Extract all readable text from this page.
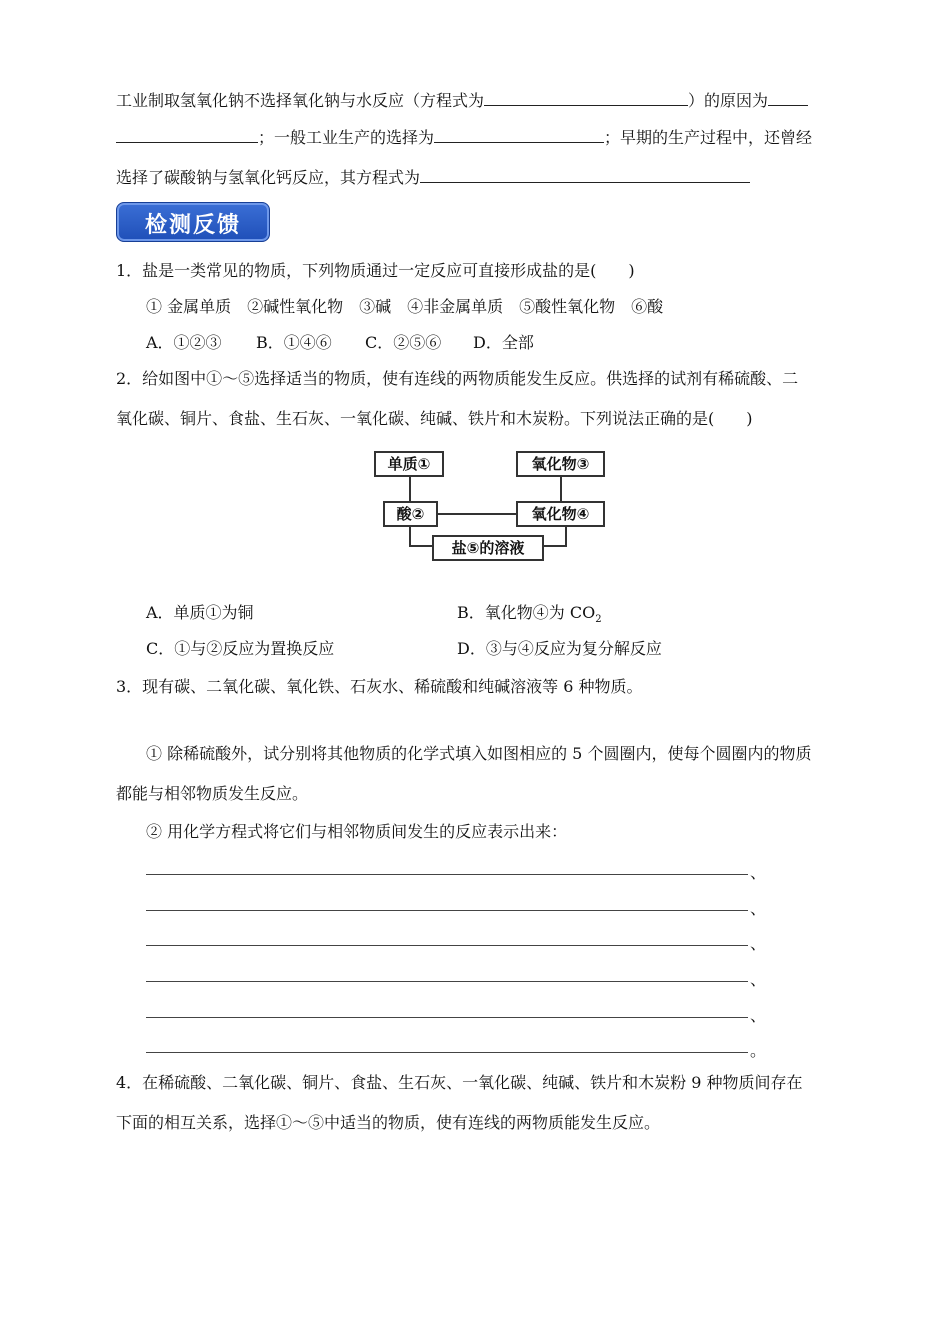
工业制取氢氧化钠不选择氧化钠与水反应（方程式为	）的原因为
；一般工业生产的选择为	；早期的生产过程中，还曾经
选择了碳酸钠与氢氧化钙反应，其方程式为
检测反馈
1．盐是一类常见的物质，下列物质通过一定反应可直接形成盐的是(　　)
① 金属单质　②碱性氧化物　③碱　④非金属单质　⑤酸性氧化物　⑥酸
A．①②③ B．①④⑥ C．②⑤⑥ D．全部
2．给如图中①～⑤选择适当的物质，使有连线的两物质能发生反应。供选择的试剂有稀硫酸、二
氧化碳、铜片、食盐、生石灰、一氧化碳、纯碱、铁片和木炭粉。下列说法正确的是(　　)
单质①	氧化物③
酸②	氧化物④
盐⑤的溶液
A．单质①为铜	B．氧化物④为 $CO_2$
C．①与②反应为置换反应	D．③与④反应为复分解反应
3．现有碳、二氧化碳、氧化铁、石灰水、稀硫酸和纯碱溶液等 6 种物质。
① 除稀硫酸外，试分别将其他物质的化学式填入如图相应的 5 个圆圈内，使每个圆圈内的物质
都能与相邻物质发生反应。
② 用化学方程式将它们与相邻物质间发生的反应表示出来：
、
、
、
、
、
。
4．在稀硫酸、二氧化碳、铜片、食盐、生石灰、一氧化碳、纯碱、铁片和木炭粉 9 种物质间存在
下面的相互关系，选择①～⑤中适当的物质，使有连线的两物质能发生反应。
